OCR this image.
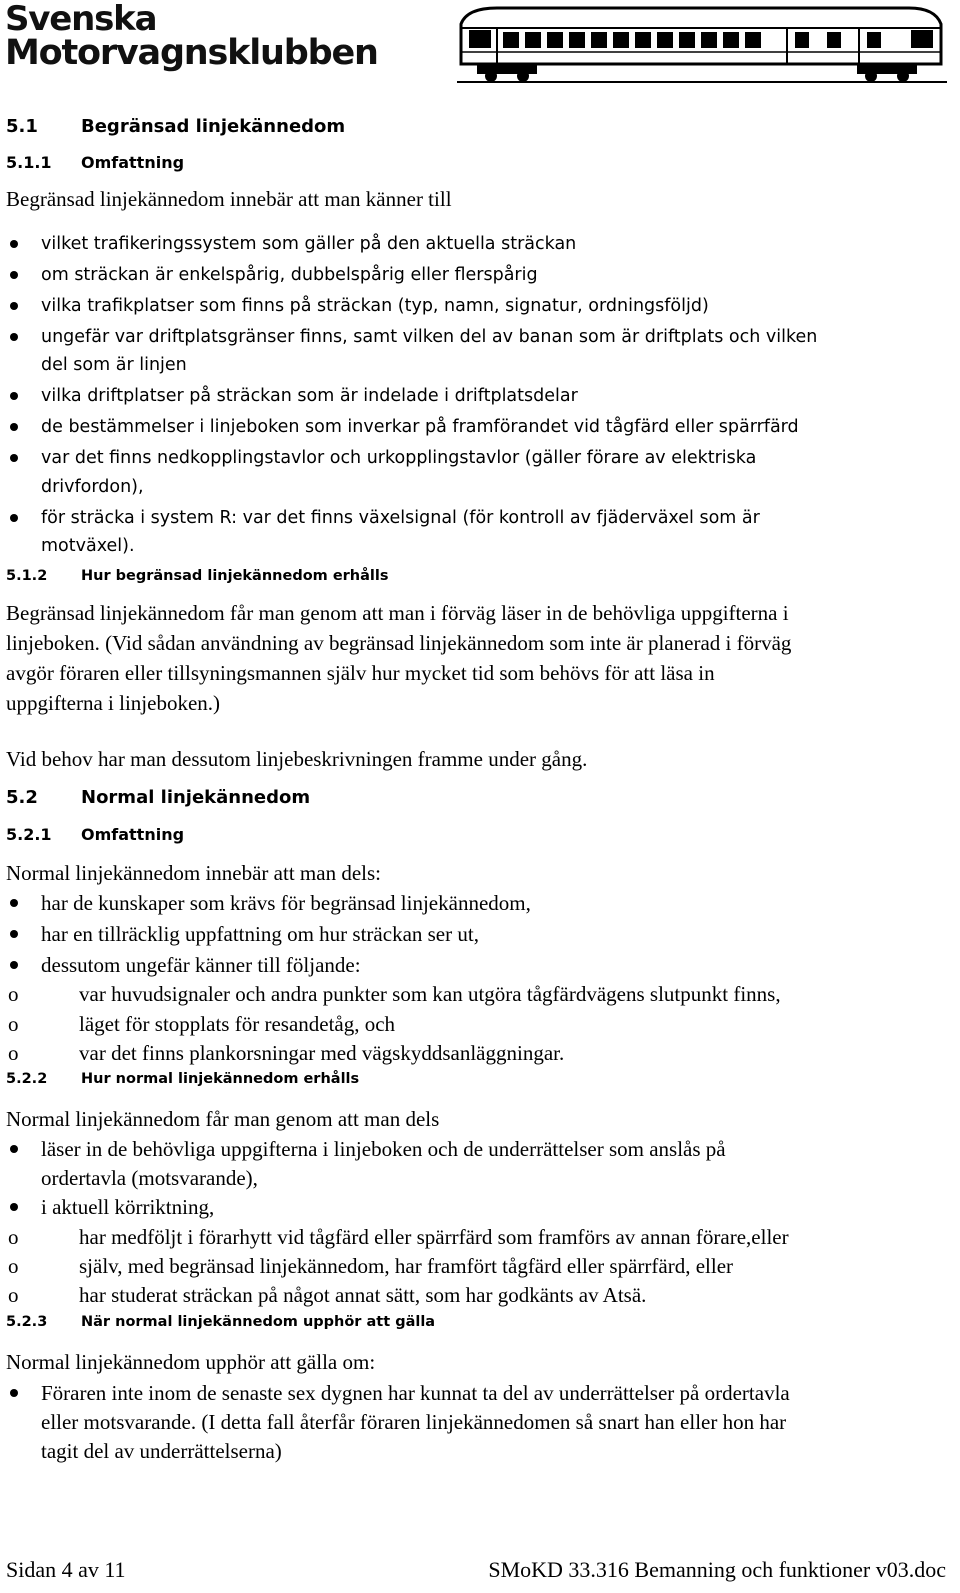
Svenska
Motorvagnsklubben
5.1 Begränsad linjekännedom
5.1.1 Omfattning
Begränsad linjekännedom innebär att man känner till
vilket trafikeringssystem som gäller på den aktuella sträckan
om sträckan är enkelspårig, dubbelspårig eller flerspårig
vilka trafikplatser som finns på sträckan (typ, namn, signatur, ordningsföljd)
ungefär var driftplatsgränser finns, samt vilken del av banan som är driftplats och vilken
del som är linjen
vilka driftplatser på sträckan som är indelade i driftplatsdelar
de bestämmelser i linjeboken som inverkar på framförandet vid tågfärd eller spärrfärd
var det finns nedkopplingstavlor och urkopplingstavlor (gäller förare av elektriska
drivfordon),
för sträcka i system R: var det finns växelsignal (för kontroll av fjäderväxel som är
motväxel).
5.1.2 Hur begränsad linjekännedom erhålls
Begränsad linjekännedom får man genom att man i förväg läser in de behövliga uppgifterna i
linjeboken. (Vid sådan användning av begränsad linjekännedom som inte är planerad i förväg
avgör föraren eller tillsyningsmannen själv hur mycket tid som behövs för att läsa in
uppgifterna i linjeboken.)
Vid behov har man dessutom linjebeskrivningen framme under gång.
5.2 Normal linjekännedom
5.2.1 Omfattning
Normal linjekännedom innebär att man dels:
har de kunskaper som krävs för begränsad linjekännedom,
har en tillräcklig uppfattning om hur sträckan ser ut,
dessutom ungefär känner till följande:
o	var huvudsignaler och andra punkter som kan utgöra tågfärdvägens slutpunkt finns,
o	läget för stopplats för resandetåg, och
o	var det finns plankorsningar med vägskyddsanläggningar.
5.2.2 Hur normal linjekännedom erhålls
Normal linjekännedom får man genom att man dels
läser in de behövliga uppgifterna i linjeboken och de underrättelser som anslås på
ordertavla (motsvarande),
i aktuell körriktning,
o	har medföljt i förarhytt vid tågfärd eller spärrfärd som framförs av annan förare,eller
o	själv, med begränsad linjekännedom, har framfört tågfärd eller spärrfärd, eller
o	har studerat sträckan på något annat sätt, som har godkänts av Atsä.
5.2.3 När normal linjekännedom upphör att gälla
Normal linjekännedom upphör att gälla om:
Föraren inte inom de senaste sex dygnen har kunnat ta del av underrättelser på ordertavla
eller motsvarande. (I detta fall återfår föraren linjekännedomen så snart han eller hon har
tagit del av underrättelserna)
Sidan 4 av 11	SMoKD 33.316 Bemanning och funktioner v03.doc
